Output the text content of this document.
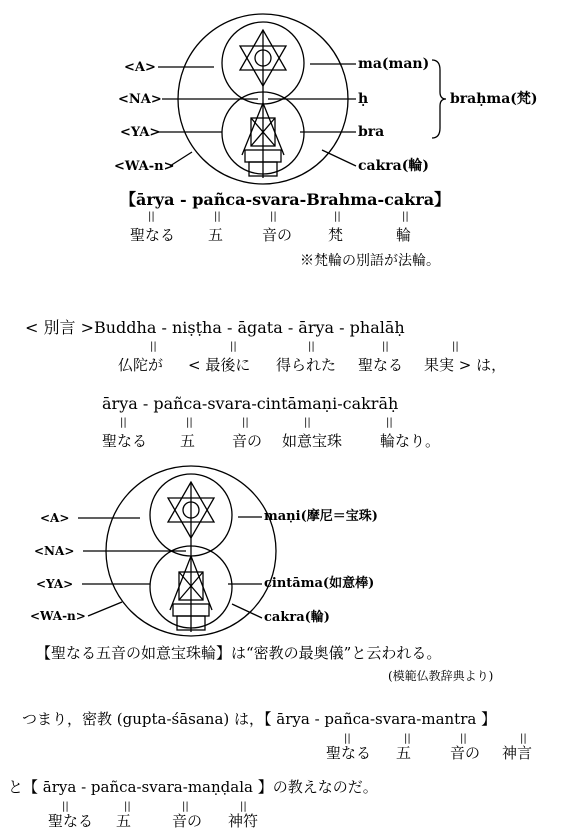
<A>
<NA>
<YA>
<WA-n>
ma(man)
ḥ
bra
cakra(輪)
braḥma(梵)
【ārya - pañca-svara-Brahma-cakra】
||	||	||	||	||
聖なる 五	音の 梵	輪
※梵輪の別語が法輪。
< 別言 >Buddha - niṣṭha - āgata - ārya - phalāḥ
||	||	||	||	||
仏陀が < 最後に 得られた 聖なる 果実 > は，
ārya - pañca-svara-cintāmaṇi-cakrāḥ
||	||	||	||	||
聖なる 五 音の 如意宝珠	輪なり。
<A>
<NA>
<YA>
<WA-n>
maṇi(摩尼＝宝珠)
cintāma(如意棒)
cakra(輪)
【聖なる五音の如意宝珠輪】は“密教の最奥儀”と云われる。
(模範仏教辞典より)
つまり，密教 (gupta-śāsana) は，【 ārya - pañca-svara-mantra 】
||	||	||	||
聖なる 五	音の 神言
と【 ārya - pañca-svara-maṇḍala 】の教えなのだ。
||	||	||	||
聖なる 五	音の 神符
